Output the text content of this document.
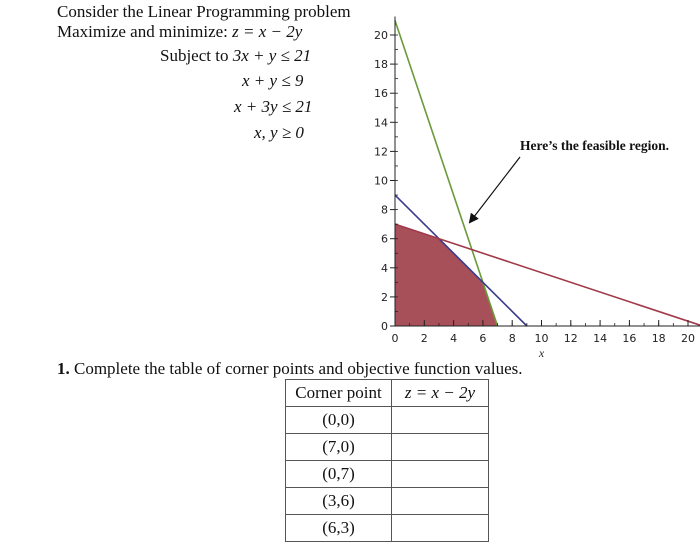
Consider the Linear Programming problem
Maximize and minimize: z = x − 2y
Subject to 3x + y ≤ 21
x + y ≤ 9
x + 3y ≤ 21
x, y ≥ 0
0 2 4 6 8 10 12 14 16 18 20
0
2
4
6
8
10
12
14
16
18
20
x
Here’s the feasible region.
1. Complete the table of corner points and objective function values.
Corner point	z = x − 2y
(0,0)	
(7,0)	
(0,7)	
(3,6)	
(6,3)	
